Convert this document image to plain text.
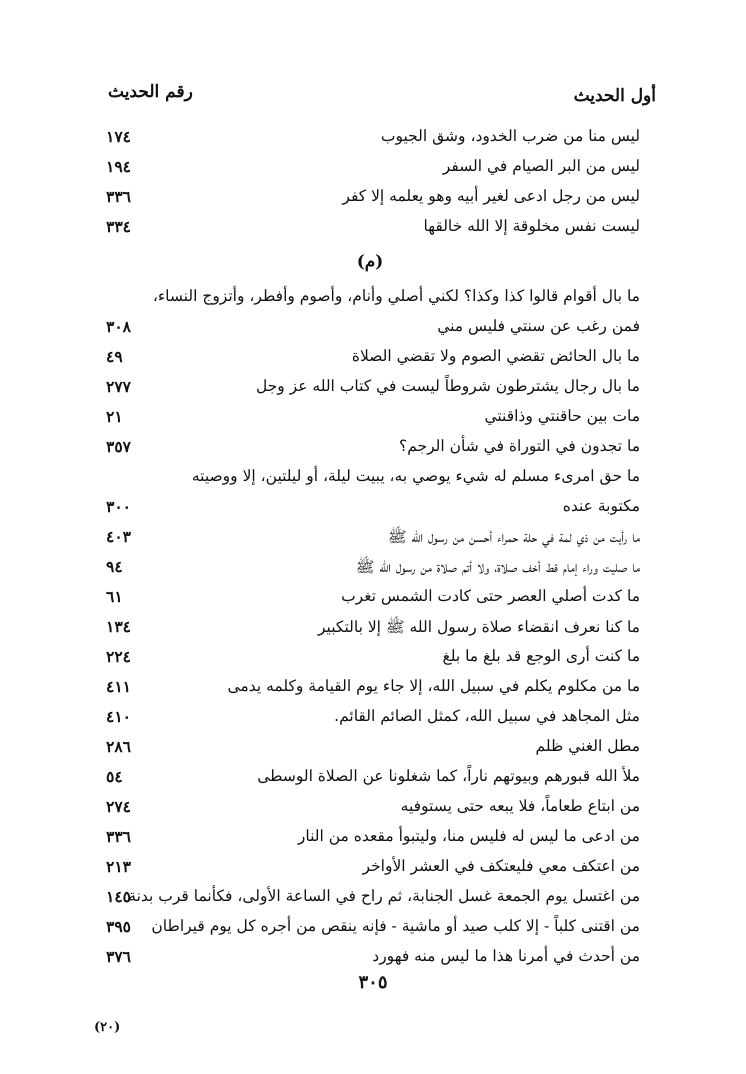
أول الحديث
رقم الحديث
ليس منا من ضرب الخدود، وشق الجيوب
١٧٤
ليس من البر الصيام في السفر
١٩٤
ليس من رجل ادعى لغير أبيه وهو يعلمه إلا كفر
٣٣٦
ليست نفس مخلوقة إلا الله خالقها
٣٣٤
(م)
ما بال أقوام قالوا كذا وكذا؟ لكني أصلي وأنام، وأصوم وأفطر، وأتزوج النساء،
فمن رغب عن سنتي فليس مني
٣٠٨
ما بال الحائض تقضي الصوم ولا تقضي الصلاة
٤٩
ما بال رجال يشترطون شروطاً ليست في كتاب الله عز وجل
٢٧٧
مات بين حاقنتي وذاقنتي
٢١
ما تجدون في التوراة في شأن الرجم؟
٣٥٧
ما حق امرىء مسلم له شيء يوصي به، يبيت ليلة، أو ليلتين، إلا ووصيته
مكتوبة عنده
٣٠٠
ما رأيت من ذي لمة في حلة حمراء أحسن من رسول الله ﷺ
٤٠٣
ما صليت وراء إمام قط أخف صلاة، ولا أتم صلاة من رسول الله ﷺ
٩٤
ما كدت أصلي العصر حتى كادت الشمس تغرب
٦١
ما كنا نعرف انقضاء صلاة رسول الله ﷺ إلا بالتكبير
١٣٤
ما كنت أرى الوجع قد بلغ ما بلغ
٢٢٤
ما من مكلوم يكلم في سبيل الله، إلا جاء يوم القيامة وكلمه يدمى
٤١١
مثل المجاهد في سبيل الله، كمثل الصائم القائم.
٤١٠
مطل الغني ظلم
٢٨٦
ملأ الله قبورهم وبيوتهم ناراً، كما شغلونا عن الصلاة الوسطى
٥٤
من ابتاع طعاماً، فلا يبعه حتى يستوفيه
٢٧٤
من ادعى ما ليس له فليس منا، وليتبوأ مقعده من النار
٣٣٦
من اعتكف معي فليعتكف في العشر الأواخر
٢١٣
من اغتسل يوم الجمعة غسل الجنابة، ثم راح في الساعة الأولى، فكأنما قرب بدنة
١٤٥
من اقتنى كلباً - إلا كلب صيد أو ماشية - فإنه ينقص من أجره كل يوم قيراطان
٣٩٥
من أحدث في أمرنا هذا ما ليس منه فهورد
٣٧٦
٣٠٥
(٢٠)
